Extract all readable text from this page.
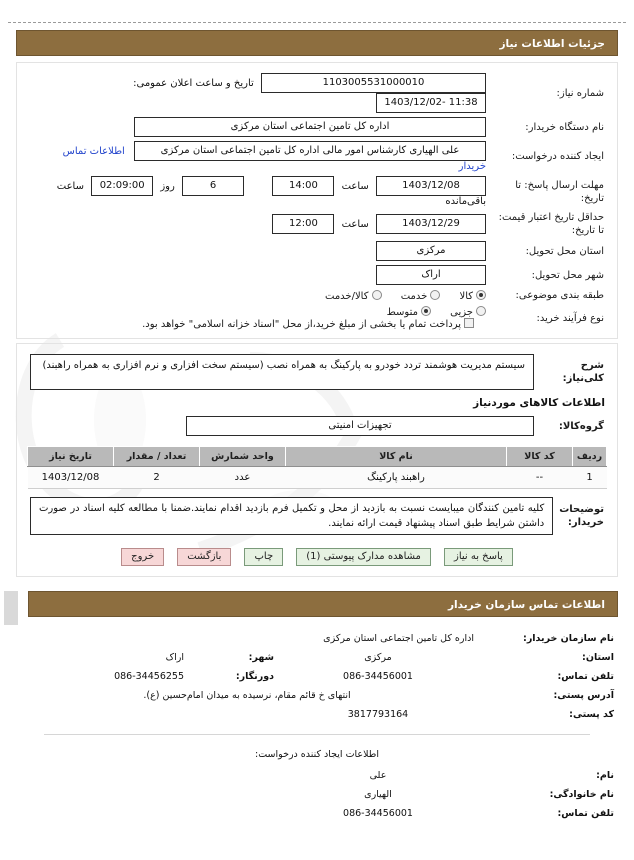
جزئیات اطلاعات نیاز
شماره نیاز:	1103005531000010 تاریخ و ساعت اعلان عمومی: 11:38 -1403/12/02
نام دستگاه خریدار:	اداره کل تامین اجتماعی استان مرکزی
ایجاد کننده درخواست:	علی الهیاری کارشناس امور مالی اداره کل تامین اجتماعی استان مرکزی اطلاعات تماس خریدار
مهلت ارسال پاسخ: تا تاریخ:	1403/12/08 ساعت 14:00  6 روز 02:09:00 ساعت باقی‌مانده
حداقل تاریخ اعتبار قیمت: تا تاریخ:	1403/12/29 ساعت 12:00
استان محل تحویل:	مرکزی
شهر محل تحویل:	اراک
طبقه بندی موضوعی:	کالا خدمت کالا/خدمت
نوع فرآیند خرید:	جزیی متوسط پرداخت تمام یا بخشی از مبلغ خرید،از محل "اسناد خزانه اسلامی" خواهد بود.
شرح کلی‌نیاز:	
سیستم مدیریت هوشمند تردد خودرو به پارکینگ به همراه نصب (سیستم سخت افزاری و نرم افزاری به همراه راهبند)
اطلاعات کالاهای موردنیاز
گروه‌کالا:	تجهیزات امنیتی
ردیف	کد کالا	نام کالا	واحد شمارش	تعداد / مقدار	تاریخ نیاز
1	--	راهبند پارکینگ	عدد	2	1403/12/08
توضیحات خریدار:	
کلیه تامین کنندگان میبایست نسبت به بازدید از محل و تکمیل فرم بازدید اقدام نمایند.ضمنا با مطالعه کلیه اسناد در صورت داشتن شرایط طبق اسناد پیشنهاد قیمت ارائه نمایند.
پاسخ به نیاز مشاهده مدارک پیوستی (1) چاپ بازگشت خروج
اطلاعات تماس سازمان خریدار
نام سازمان خریدار:	اداره کل تامین اجتماعی استان مرکزی		
استان:	مرکزی	شهر:	اراک
تلفن تماس:	086-34456001	دورنگار:	086-34456255
آدرس پستی:	انتهای خ قائم مقام، نرسیده به میدان امام‌حسین (ع).		
کد پستی:	3817793164		
اطلاعات ایجاد کننده درخواست:
نام:	علی		
نام خانوادگی:	الهیاری		
تلفن تماس:	086-34456001		
